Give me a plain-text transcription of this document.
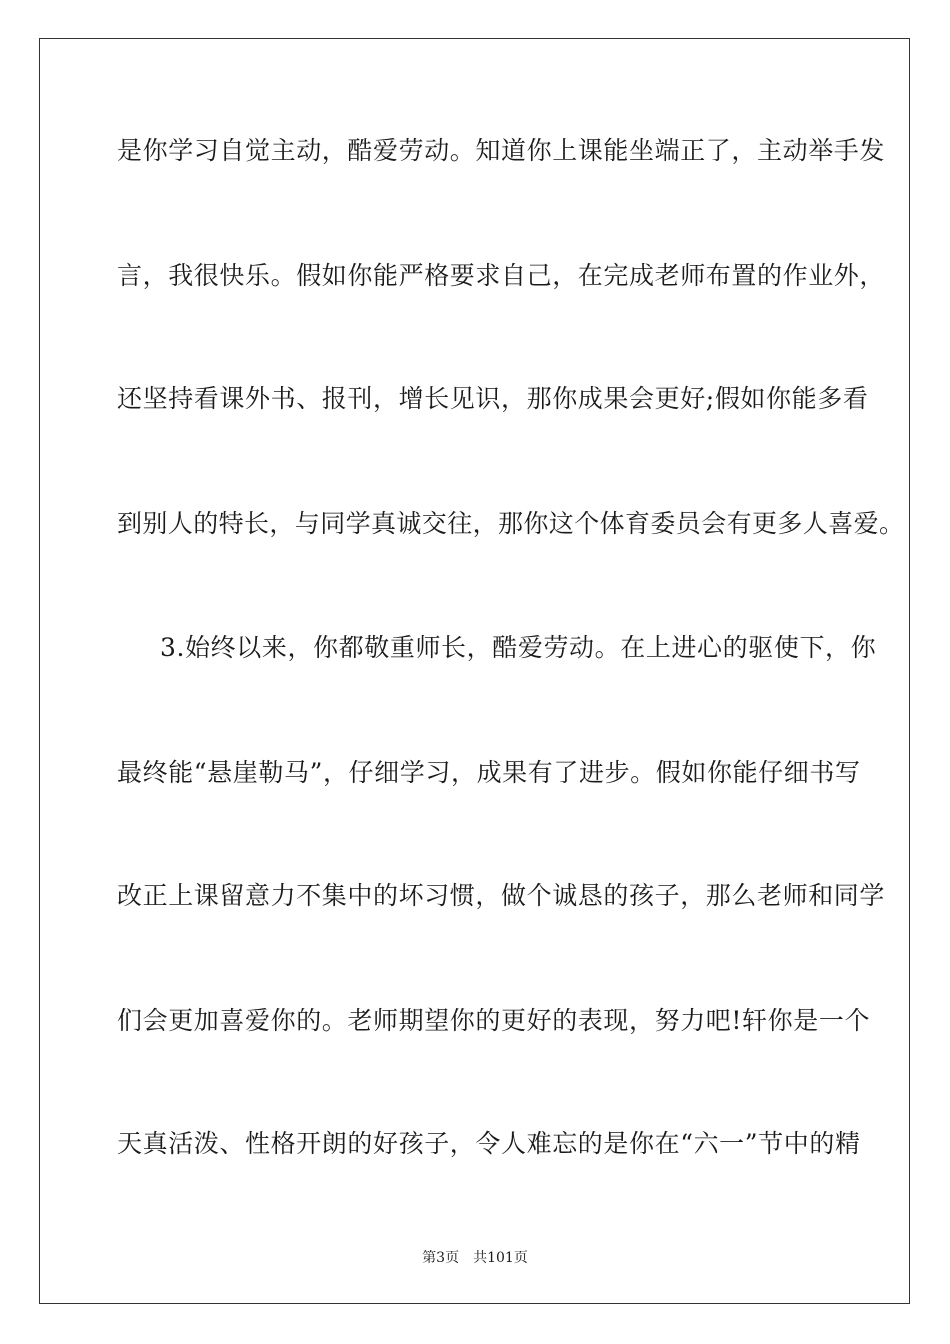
是你学习自觉主动，酷爱劳动。知道你上课能坐端正了，主动举手发
言，我很快乐。假如你能严格要求自己，在完成老师布置的作业外，
还坚持看课外书、报刊，增长见识，那你成果会更好;假如你能多看
到别人的特长，与同学真诚交往，那你这个体育委员会有更多人喜爱。
3.始终以来，你都敬重师长，酷爱劳动。在上进心的驱使下，你
最终能“悬崖勒马”，仔细学习，成果有了进步。假如你能仔细书写
改正上课留意力不集中的坏习惯，做个诚恳的孩子，那么老师和同学
们会更加喜爱你的。老师期望你的更好的表现，努力吧!轩你是一个
天真活泼、性格开朗的好孩子，令人难忘的是你在“六一”节中的精
第3页 共101页
